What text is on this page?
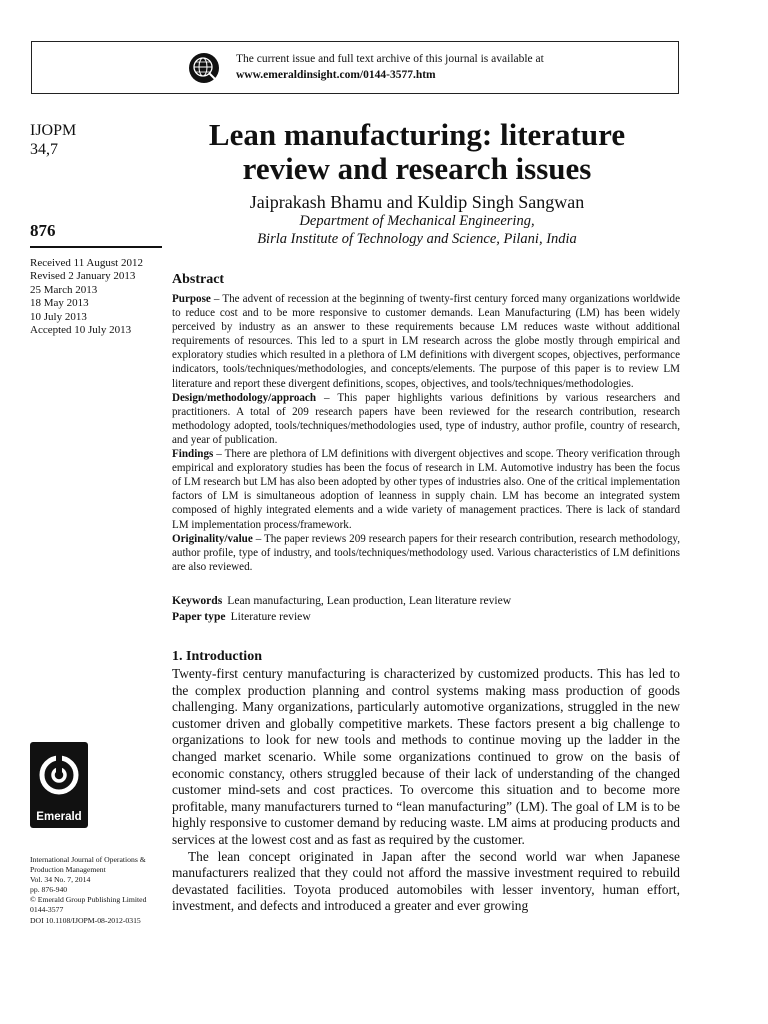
The current issue and full text archive of this journal is available at
www.emeraldinsight.com/0144-3577.htm
IJOPM
34,7
876
Received 11 August 2012
Revised 2 January 2013
25 March 2013
18 May 2013
10 July 2013
Accepted 10 July 2013
Emerald
International Journal of Operations &
Production Management
Vol. 34 No. 7, 2014
pp. 876-940
© Emerald Group Publishing Limited
0144-3577
DOI 10.1108/IJOPM-08-2012-0315
Lean manufacturing: literature
review and research issues
Jaiprakash Bhamu and Kuldip Singh Sangwan
Department of Mechanical Engineering,
Birla Institute of Technology and Science, Pilani, India
Abstract

Purpose – The advent of recession at the beginning of twenty-first century forced many organizations worldwide to reduce cost and to be more responsive to customer demands. Lean Manufacturing (LM) has been widely perceived by industry as an answer to these requirements because LM reduces waste without additional requirements of resources. This led to a spurt in LM research across the globe mostly through empirical and exploratory studies which resulted in a plethora of LM definitions with divergent scopes, objectives, performance indicators, tools/techniques/methodologies, and concepts/elements. The purpose of this paper is to review LM literature and report these divergent definitions, scopes, objectives, and tools/techniques/methodologies.

Design/methodology/approach – This paper highlights various definitions by various researchers and practitioners. A total of 209 research papers have been reviewed for the research contribution, research methodology adopted, tools/techniques/methodologies used, type of industry, author profile, country of research, and year of publication.

Findings – There are plethora of LM definitions with divergent objectives and scope. Theory verification through empirical and exploratory studies has been the focus of research in LM. Automotive industry has been the focus of LM research but LM has also been adopted by other types of industries also. One of the critical implementation factors of LM is simultaneous adoption of leanness in supply chain. LM has become an integrated system composed of highly integrated elements and a wide variety of management practices. There is lack of standard LM implementation process/framework.

Originality/value – The paper reviews 209 research papers for their research contribution, research methodology, author profile, type of industry, and tools/techniques/methodology used. Various characteristics of LM definitions are also reviewed.

Keywords Lean manufacturing, Lean production, Lean literature review
Paper type Literature review
1. Introduction

Twenty-first century manufacturing is characterized by customized products. This has led to the complex production planning and control systems making mass production of goods challenging. Many organizations, particularly automotive organizations, struggled in the new customer driven and globally competitive markets. These factors present a big challenge to organizations to look for new tools and methods to continue moving up the ladder in the changed market scenario. While some organizations continued to grow on the basis of economic constancy, others struggled because of their lack of understanding of the changed customer mind-sets and cost practices. To overcome this situation and to become more profitable, many manufacturers turned to “lean manufacturing” (LM). The goal of LM is to be highly responsive to customer demand by reducing waste. LM aims at producing products and services at the lowest cost and as fast as required by the customer.

The lean concept originated in Japan after the second world war when Japanese manufacturers realized that they could not afford the massive investment required to rebuild devastated facilities. Toyota produced automobiles with lesser inventory, human effort, investment, and defects and introduced a greater and ever growing
